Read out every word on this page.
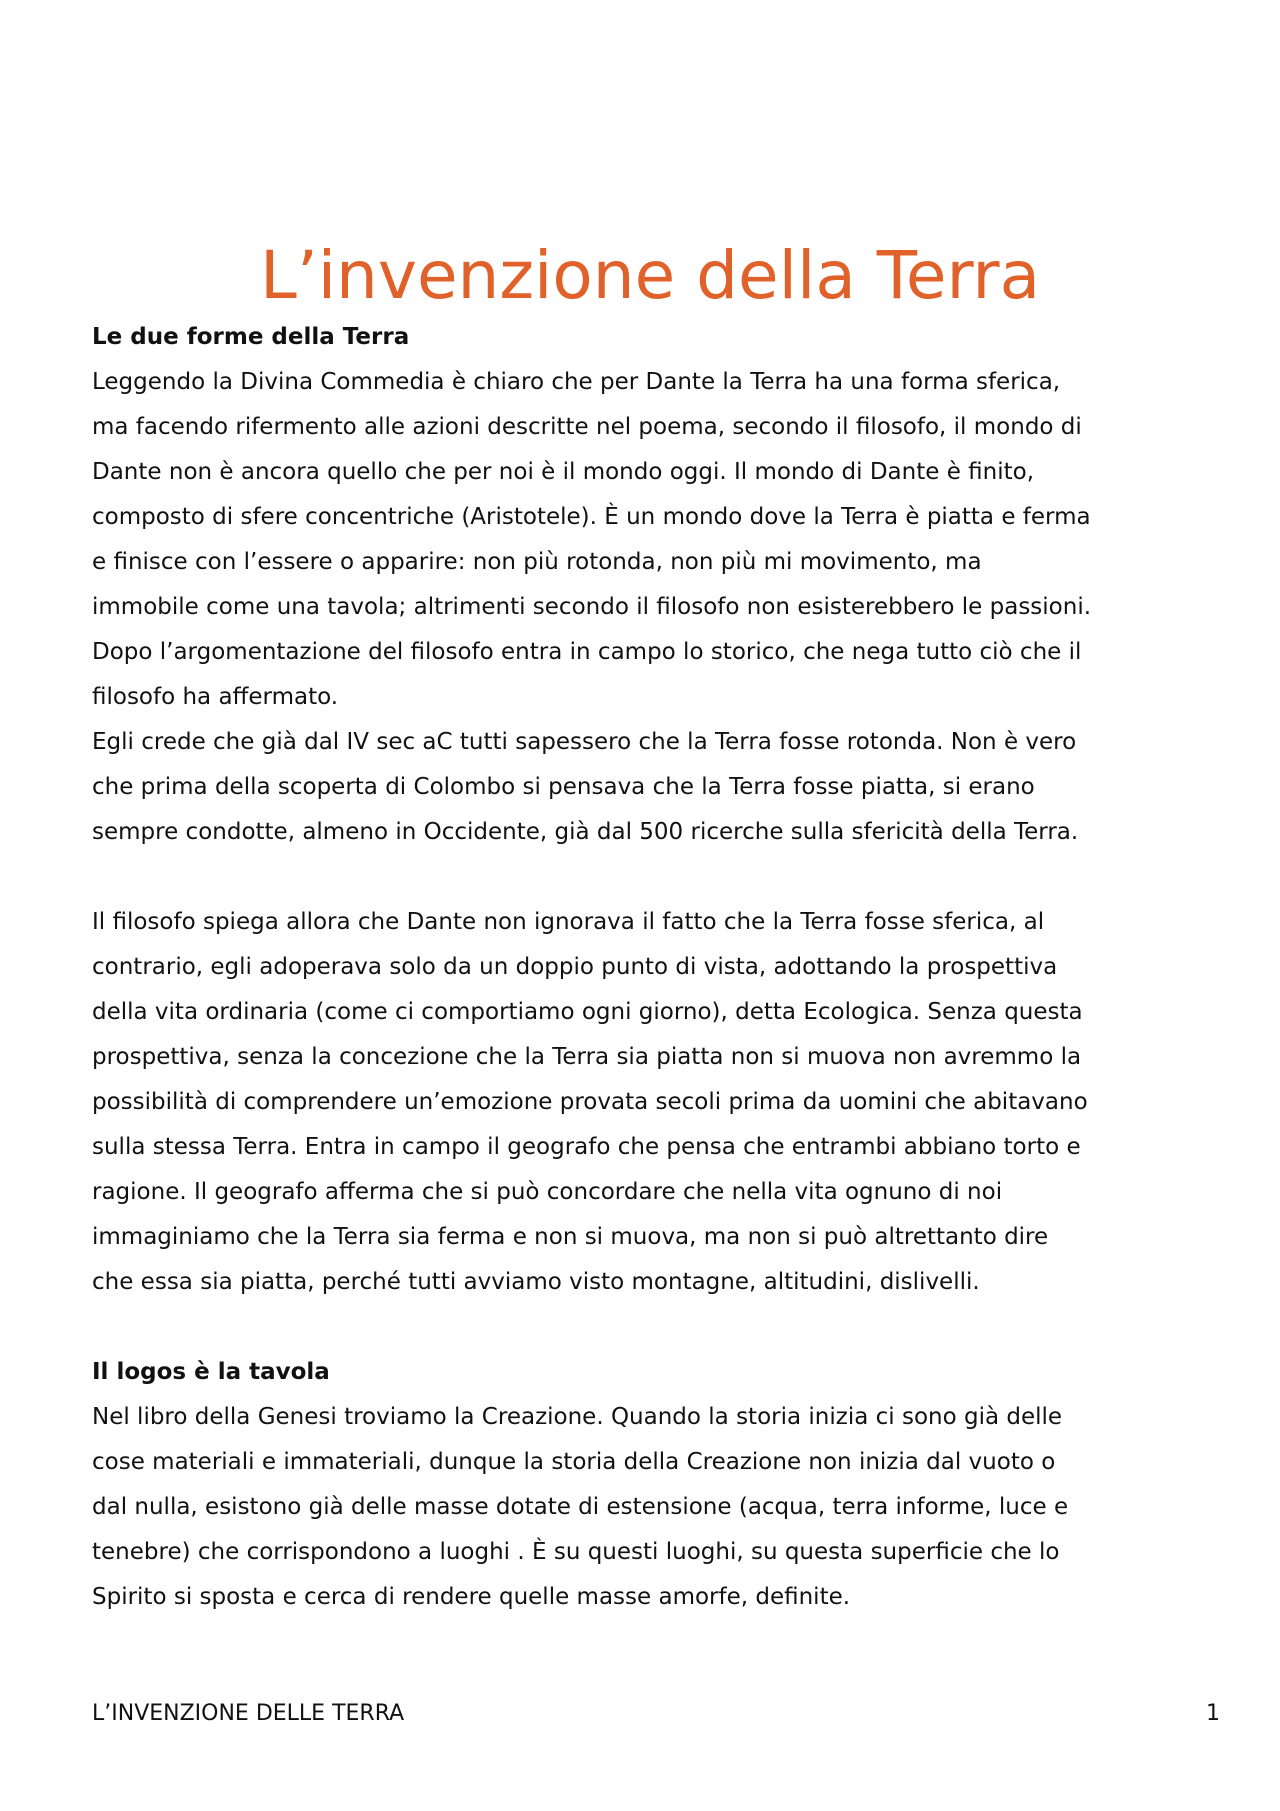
L’invenzione della Terra

Le due forme della Terra

Leggendo la Divina Commedia è chiaro che per Dante la Terra ha una forma sferica,

ma facendo rifermento alle azioni descritte nel poema, secondo il filosofo, il mondo di

Dante non è ancora quello che per noi è il mondo oggi. Il mondo di Dante è finito,

composto di sfere concentriche (Aristotele). È un mondo dove la Terra è piatta e ferma

e finisce con l’essere o apparire: non più rotonda, non più mi movimento, ma

immobile come una tavola; altrimenti secondo il filosofo non esisterebbero le passioni.

Dopo l’argomentazione del filosofo entra in campo lo storico, che nega tutto ciò che il

filosofo ha affermato.

Egli crede che già dal IV sec aC tutti sapessero che la Terra fosse rotonda. Non è vero

che prima della scoperta di Colombo si pensava che la Terra fosse piatta, si erano

sempre condotte, almeno in Occidente, già dal 500 ricerche sulla sfericità della Terra.

Il filosofo spiega allora che Dante non ignorava il fatto che la Terra fosse sferica, al

contrario, egli adoperava solo da un doppio punto di vista, adottando la prospettiva

della vita ordinaria (come ci comportiamo ogni giorno), detta Ecologica. Senza questa

prospettiva, senza la concezione che la Terra sia piatta non si muova non avremmo la

possibilità di comprendere un’emozione provata secoli prima da uomini che abitavano

sulla stessa Terra. Entra in campo il geografo che pensa che entrambi abbiano torto e

ragione. Il geografo afferma che si può concordare che nella vita ognuno di noi

immaginiamo che la Terra sia ferma e non si muova, ma non si può altrettanto dire

che essa sia piatta, perché tutti avviamo visto montagne, altitudini, dislivelli.

Il logos è la tavola

Nel libro della Genesi troviamo la Creazione. Quando la storia inizia ci sono già delle

cose materiali e immateriali, dunque la storia della Creazione non inizia dal vuoto o

dal nulla, esistono già delle masse dotate di estensione (acqua, terra informe, luce e

tenebre) che corrispondono a luoghi . È su questi luoghi, su questa superficie che lo

Spirito si sposta e cerca di rendere quelle masse amorfe, definite.

L’INVENZIONE DELLE TERRA	1
